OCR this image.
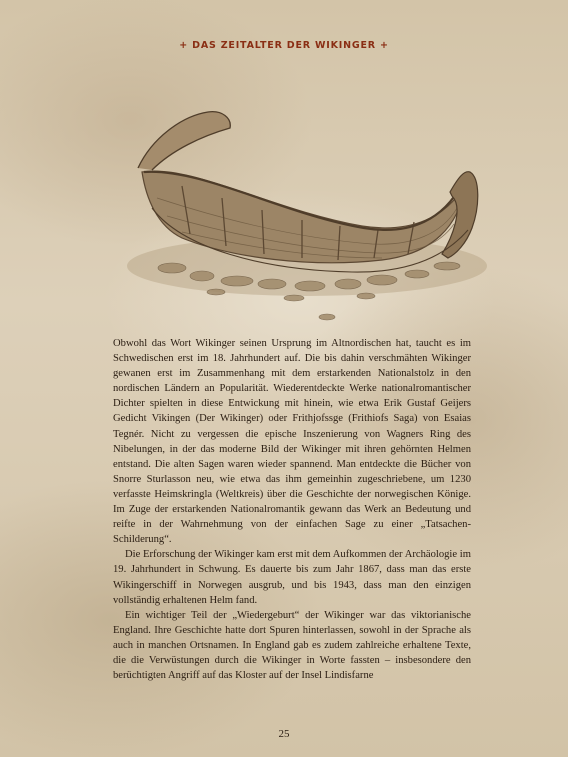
+ DAS ZEITALTER DER WIKINGER +

Obwohl das Wort Wikinger seinen Ursprung im Altnordischen hat, taucht es im Schwedischen erst im 18. Jahrhundert auf. Die bis dahin verschmähten Wikinger gewanen erst im Zusammenhang mit dem erstarkenden Nationalstolz in den nordischen Ländern an Popularität. Wiederentdeckte Werke nationalromantischer Dichter spielten in diese Entwickung mit hinein, wie etwa Erik Gustaf Geijers Gedicht Vikingen (Der Wikinger) oder Frithjofssge (Frithiofs Saga) von Esaias Tegnér. Nicht zu vergessen die epische Inszenierung von Wagners Ring des Nibelungen, in der das moderne Bild der Wikinger mit ihren gehörnten Helmen entstand. Die alten Sagen waren wieder spannend. Man entdeckte die Bücher von Snorre Sturlasson neu, wie etwa das ihm gemeinhin zugeschriebene, um 1230 verfasste Heimskringla (Weltkreis) über die Geschichte der norwegischen Könige. Im Zuge der erstarkenden Nationalromantik gewann das Werk an Bedeutung und reifte in der Wahrnehmung von der einfachen Sage zu einer „Tatsachen-Schilderung“.

Die Erforschung der Wikinger kam erst mit dem Aufkommen der Archäologie im 19. Jahrhundert in Schwung. Es dauerte bis zum Jahr 1867, dass man das erste Wikingerschiff in Norwegen ausgrub, und bis 1943, dass man den einzigen vollständig erhaltenen Helm fand.

Ein wichtiger Teil der „Wiedergeburt“ der Wikinger war das viktorianische England. Ihre Geschichte hatte dort Spuren hinterlassen, sowohl in der Sprache als auch in manchen Ortsnamen. In England gab es zudem zahlreiche erhaltene Texte, die die Verwüstungen durch die Wikinger in Worte fassten – insbesondere den berüchtigten Angriff auf das Kloster auf der Insel Lindisfarne

25
